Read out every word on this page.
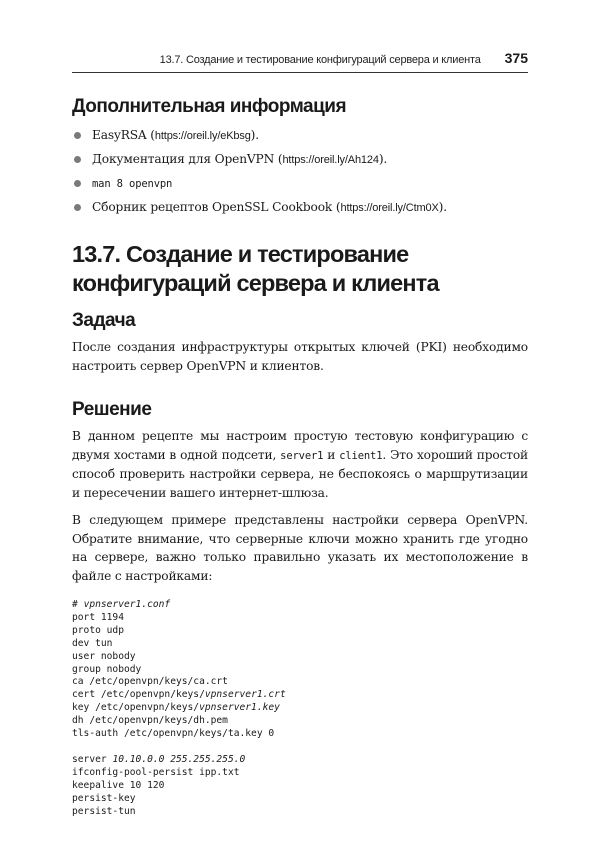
13.7. Создание и тестирование конфигураций сервера и клиента 375
Дополнительная информация
EasyRSA (https://oreil.ly/eKbsg).
Документация для OpenVPN (https://oreil.ly/Ah124).
man 8 openvpn
Сборник рецептов OpenSSL Cookbook (https://oreil.ly/Ctm0X).
13.7. Создание и тестирование конфигураций сервера и клиента
Задача

После создания инфраструктуры открытых ключей (PKI) необходимо настроить сервер OpenVPN и клиентов.

Решение

В данном рецепте мы настроим простую тестовую конфигурацию с двумя хостами в одной подсети, server1 и client1. Это хороший простой способ проверить настройки сервера, не беспокоясь о маршрутизации и пересечении вашего интернет-шлюза.

В следующем примере представлены настройки сервера OpenVPN. Обратите внимание, что серверные ключи можно хранить где угодно на сервере, важно только правильно указать их местоположение в файле с настройками:

# vpnserver1.conf
port 1194
proto udp
dev tun
user nobody
group nobody
ca /etc/openvpn/keys/ca.crt
cert /etc/openvpn/keys/vpnserver1.crt
key /etc/openvpn/keys/vpnserver1.key
dh /etc/openvpn/keys/dh.pem
tls-auth /etc/openvpn/keys/ta.key 0

server 10.10.0.0 255.255.255.0
ifconfig-pool-persist ipp.txt
keepalive 10 120
persist-key
persist-tun
